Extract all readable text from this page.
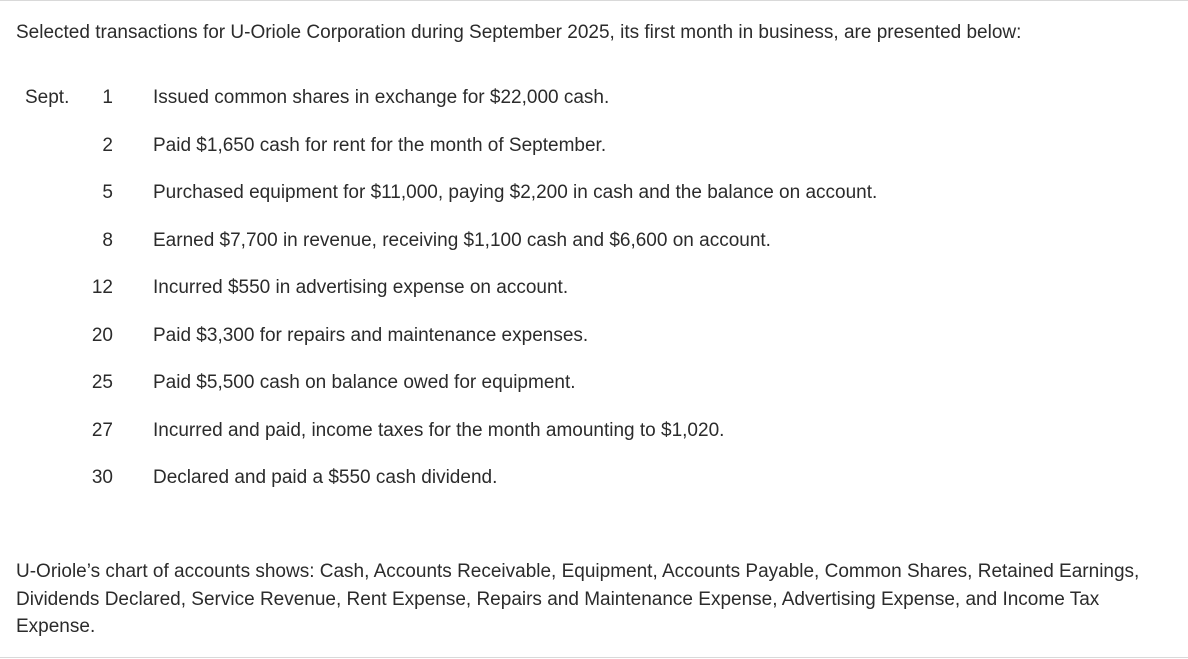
Selected transactions for U-Oriole Corporation during September 2025, its first month in business, are presented below:
Sept.	1 Issued common shares in exchange for $22,000 cash.
2 Paid $1,650 cash for rent for the month of September.
5 Purchased equipment for $11,000, paying $2,200 in cash and the balance on account.
8 Earned $7,700 in revenue, receiving $1,100 cash and $6,600 on account.
12 Incurred $550 in advertising expense on account.
20 Paid $3,300 for repairs and maintenance expenses.
25 Paid $5,500 cash on balance owed for equipment.
27 Incurred and paid, income taxes for the month amounting to $1,020.
30 Declared and paid a $550 cash dividend.
U-Oriole’s chart of accounts shows: Cash, Accounts Receivable, Equipment, Accounts Payable, Common Shares, Retained Earnings, Dividends Declared, Service Revenue, Rent Expense, Repairs and Maintenance Expense, Advertising Expense, and Income Tax Expense.
